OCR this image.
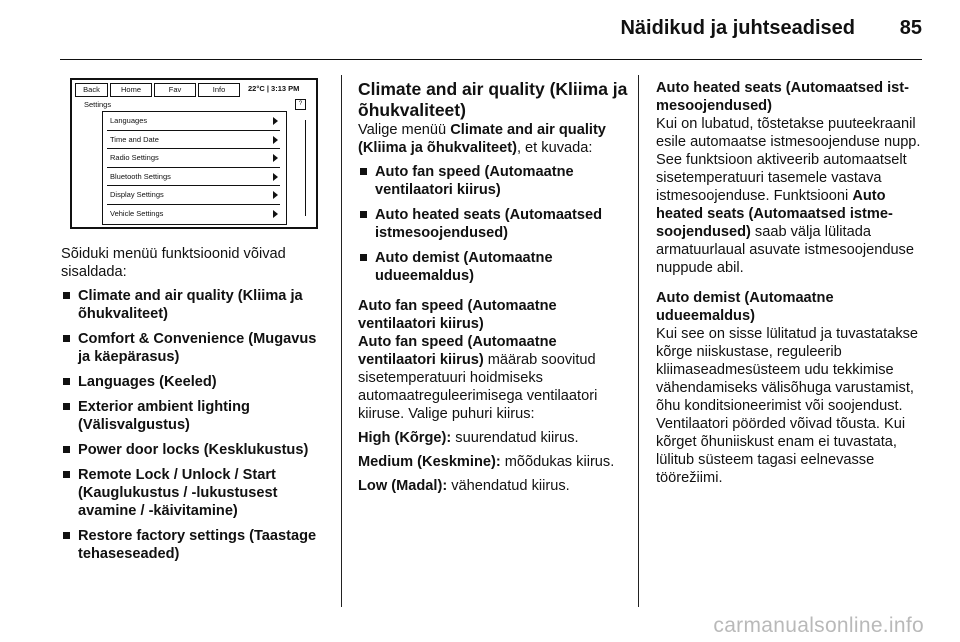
Näidikud ja juhtseadised 85
Back	Home	Fav	Info	22°C | 3:13 PM
Settings	?
Languages
Time and Date
Radio Settings
Bluetooth Settings
Display Settings
Vehicle Settings

Sõiduki menüü funktsioonid võivad sisaldada:

Climate and air quality (Kliima ja õhukvaliteet)
Comfort & Convenience (Mugavus ja käepärasus)
Languages (Keeled)
Exterior ambient lighting (Välisvalgustus)
Power door locks (Kesklukustus)
Remote Lock / Unlock / Start (Kauglukustus / -lukustusest avamine / -käivitamine)
Restore factory settings (Taastage tehaseseaded)
Climate and air quality (Kliima ja õhukvaliteet)

Valige menüü Climate and air quality (Kliima ja õhukvaliteet), et kuvada:

Auto fan speed (Automaatne ventilaatori kiirus)
Auto heated seats (Automaatsed istmesoojendused)
Auto demist (Automaatne udueemaldus)

Auto fan speed (Automaatne ventilaatori kiirus)

Auto fan speed (Automaatne ventilaatori kiirus) määrab soovitud sisetemperatuuri hoidmiseks automaatreguleerimisega ventilaatori kiiruse. Valige puhuri kiirus:

High (Kõrge): suurendatud kiirus.

Medium (Keskmine): mõõdukas kiirus.

Low (Madal): vähendatud kiirus.

Auto heated seats (Automaatsed istmesoojendused)

Kui on lubatud, tõstetakse puuteekraanil esile automaatse istmesoojenduse nupp. See funktsioon aktiveerib automaatselt sisetemperatuuri tasemele vastava istmesoojenduse. Funktsiooni Auto heated seats (Automaatsed istmesoojendused) saab välja lülitada armatuurlaual asuvate istmesoojenduse nuppude abil.

Auto demist (Automaatne udueemaldus)

Kui see on sisse lülitatud ja tuvastatakse kõrge niiskustase, reguleerib kliimaseadmesüsteem udu tekkimise vähendamiseks välisõhuga varustamist, õhu konditsioneerimist või soojendust. Ventilaatori pöörded võivad tõusta. Kui kõrget õhuniiskust enam ei tuvastata, lülitub süsteem tagasi eelnevasse töörežiimi.

carmanualsonline.info
